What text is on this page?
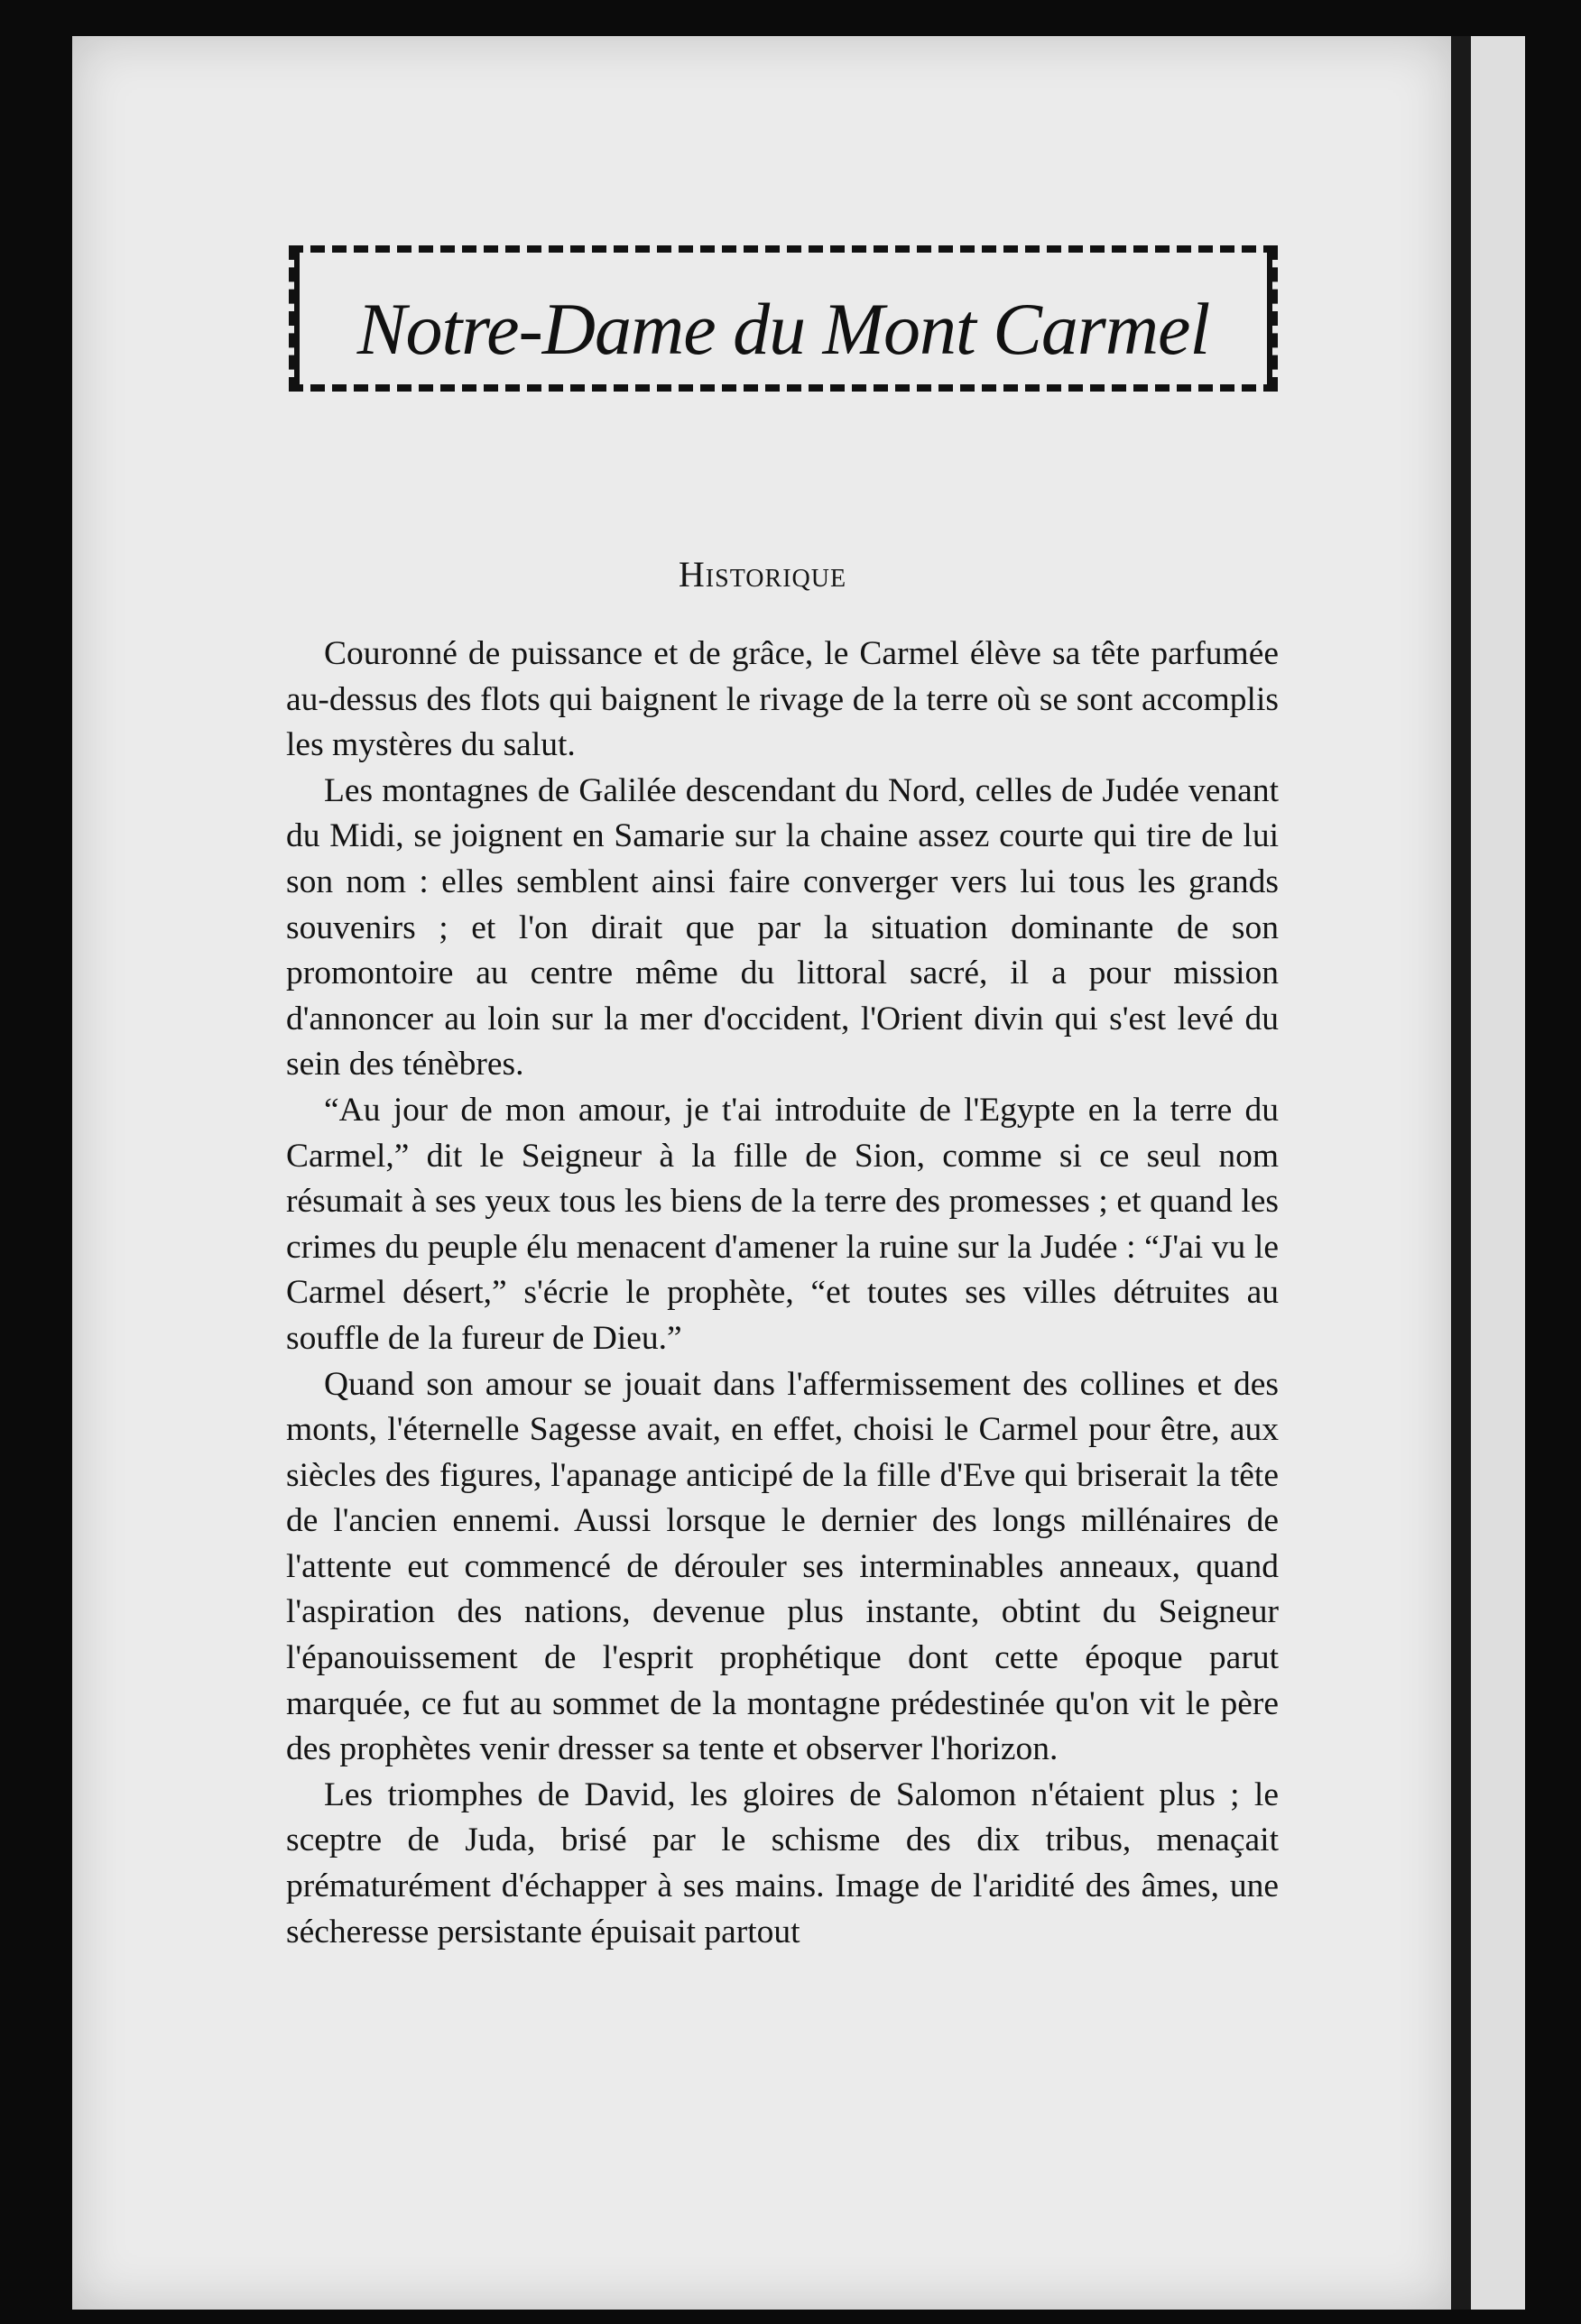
Notre-Dame du Mont Carmel
Historique

Couronné de puissance et de grâce, le Carmel élève sa tête parfumée au-dessus des flots qui baignent le rivage de la terre où se sont accomplis les mystères du salut.

Les montagnes de Galilée descendant du Nord, celles de Judée venant du Midi, se joignent en Samarie sur la chaine assez courte qui tire de lui son nom : elles semblent ainsi faire converger vers lui tous les grands souvenirs ; et l'on dirait que par la situation dominante de son promontoire au centre même du littoral sacré, il a pour mission d'annoncer au loin sur la mer d'occident, l'Orient divin qui s'est levé du sein des ténèbres.

“Au jour de mon amour, je t'ai introduite de l'Egypte en la terre du Carmel,” dit le Seigneur à la fille de Sion, comme si ce seul nom résumait à ses yeux tous les biens de la terre des promesses ; et quand les crimes du peuple élu menacent d'amener la ruine sur la Judée : “J'ai vu le Carmel désert,” s'écrie le prophète, “et toutes ses villes détruites au souffle de la fureur de Dieu.”

Quand son amour se jouait dans l'affermissement des collines et des monts, l'éternelle Sagesse avait, en effet, choisi le Carmel pour être, aux siècles des figures, l'apanage anticipé de la fille d'Eve qui briserait la tête de l'ancien ennemi. Aussi lorsque le dernier des longs millénaires de l'attente eut commencé de dérouler ses interminables anneaux, quand l'aspiration des nations, devenue plus instante, obtint du Seigneur l'épanouissement de l'esprit prophétique dont cette époque parut marquée, ce fut au sommet de la montagne prédestinée qu'on vit le père des prophètes venir dresser sa tente et observer l'horizon.

Les triomphes de David, les gloires de Salomon n'étaient plus ; le sceptre de Juda, brisé par le schisme des dix tribus, menaçait prématurément d'échapper à ses mains. Image de l'aridité des âmes, une sécheresse persistante épuisait partout
